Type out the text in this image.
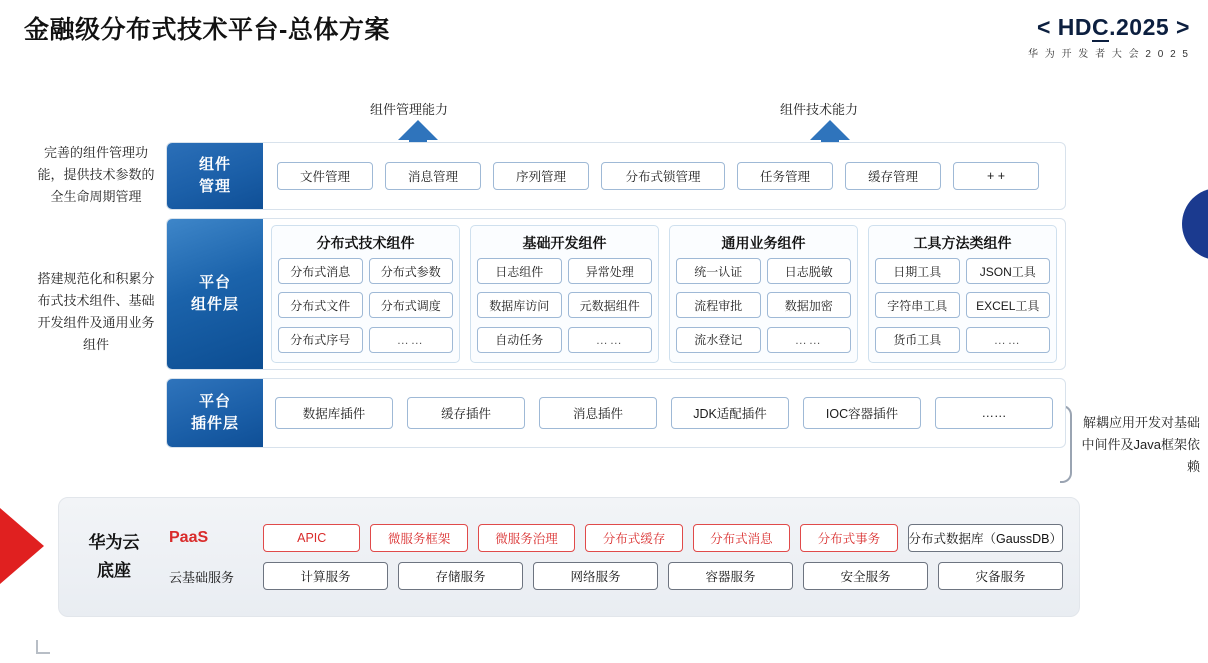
金融级分布式技术平台-总体方案	< HDC.2025 >
华 为 开 发 者 大 会 2 0 2 5
组件管理能力	组件技术能力
完善的组件管理功能，提供技术参数的全生命周期管理
搭建规范化和积累分布式技术组件、基础开发组件及通用业务组件
解耦应用开发对基础中间件及Java框架依赖
组件
管理
文件管理	消息管理	序列管理	分布式锁管理	任务管理	缓存管理	+ +
平台
组件层
分布式技术组件
分布式消息	分布式参数
分布式文件	分布式调度
分布式序号	……
基础开发组件
日志组件	异常处理
数据库访问	元数据组件
自动任务	……
通用业务组件
统一认证	日志脱敏
流程审批	数据加密
流水登记	……
工具方法类组件
日期工具	JSON工具
字符串工具	EXCEL工具
货币工具	……
平台
插件层
数据库插件	缓存插件	消息插件	JDK适配插件	IOC容器插件	……
华为云
底座
PaaS	APIC	微服务框架	微服务治理	分布式缓存	分布式消息	分布式事务	分布式数据库（GaussDB）
云基础服务	计算服务	存储服务	网络服务	容器服务	安全服务	灾备服务
